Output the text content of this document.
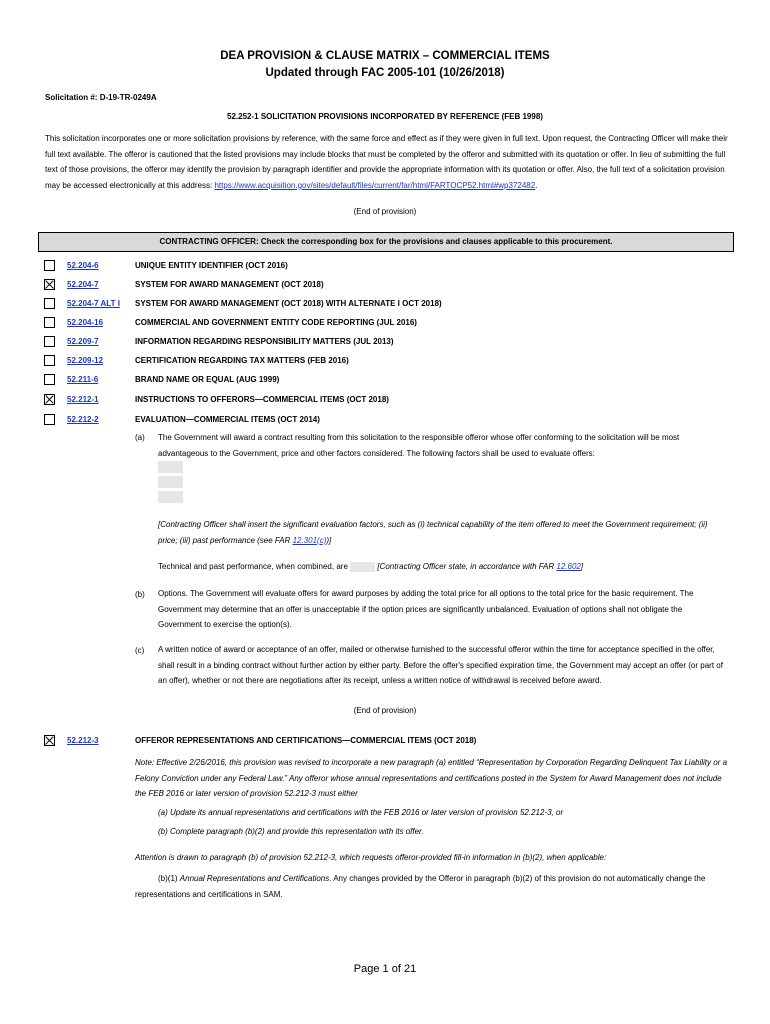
DEA PROVISION & CLAUSE MATRIX – COMMERCIAL ITEMS
Updated through FAC 2005-101 (10/26/2018)
Solicitation #: D-19-TR-0249A
52.252-1 SOLICITATION PROVISIONS INCORPORATED BY REFERENCE (FEB 1998)
This solicitation incorporates one or more solicitation provisions by reference, with the same force and effect as if they were given in full text. Upon request, the Contracting Officer will make their full text available. The offeror is cautioned that the listed provisions may include blocks that must be completed by the offeror and submitted with its quotation or offer. In lieu of submitting the full text of those provisions, the offeror may identify the provision by paragraph identifier and provide the appropriate information with its quotation or offer. Also, the full text of a solicitation provision may be accessed electronically at this address: https://www.acquisition.gov/sites/default/files/current/far/html/FARTOCP52.html#wp372482.
(End of provision)
CONTRACTING OFFICER: Check the corresponding box for the provisions and clauses applicable to this procurement.
52.204-6	UNIQUE ENTITY IDENTIFIER (OCT 2016)
52.204-7	SYSTEM FOR AWARD MANAGEMENT (OCT 2018)
52.204-7 ALT I SYSTEM FOR AWARD MANAGEMENT (OCT 2018) WITH ALTERNATE I OCT 2018)
52.204-16	COMMERCIAL AND GOVERNMENT ENTITY CODE REPORTING (JUL 2016)
52.209-7	INFORMATION REGARDING RESPONSIBILITY MATTERS (JUL 2013)
52.209-12	CERTIFICATION REGARDING TAX MATTERS (FEB 2016)
52.211-6	BRAND NAME OR EQUAL (AUG 1999)
52.212-1	INSTRUCTIONS TO OFFERORS—COMMERCIAL ITEMS (OCT 2018)
52.212-2	EVALUATION—COMMERCIAL ITEMS (OCT 2014)
(a) The Government will award a contract resulting from this solicitation to the responsible offeror whose offer conforming to the solicitation will be most advantageous to the Government, price and other factors considered. The following factors shall be used to evaluate offers:
[Contracting Officer shall insert the significant evaluation factors, such as (i) technical capability of the item offered to meet the Government requirement; (ii) price; (iii) past performance (see FAR 12.301(c))]
Technical and past performance, when combined, are	[Contracting Officer state, in accordance with FAR 12.602]
(b) Options. The Government will evaluate offers for award purposes by adding the total price for all options to the total price for the basic requirement. The Government may determine that an offer is unacceptable if the option prices are significantly unbalanced. Evaluation of options shall not obligate the Government to exercise the option(s).
(c) A written notice of award or acceptance of an offer, mailed or otherwise furnished to the successful offeror within the time for acceptance specified in the offer, shall result in a binding contract without further action by either party. Before the offer's specified expiration time, the Government may accept an offer (or part of an offer), whether or not there are negotiations after its receipt, unless a written notice of withdrawal is received before award.
(End of provision)
52.212-3	OFFEROR REPRESENTATIONS AND CERTIFICATIONS—COMMERCIAL ITEMS (OCT 2018)
Note: Effective 2/26/2016, this provision was revised to incorporate a new paragraph (a) entitled “Representation by Corporation Regarding Delinquent Tax Liability or a Felony Conviction under any Federal Law.” Any offeror whose annual representations and certifications posted in the System for Award Management does not include the FEB 2016 or later version of provision 52.212-3 must either
(a) Update its annual representations and certifications with the FEB 2016 or later version of provision 52.212-3, or
(b) Complete paragraph (b)(2) and provide this representation with its offer.
Attention is drawn to paragraph (b) of provision 52.212-3, which requests offeror-provided fill-in information in (b)(2), when applicable:
(b)(1) Annual Representations and Certifications. Any changes provided by the Offeror in paragraph (b)(2) of this provision do not automatically change the representations and certifications in SAM.
Page 1 of 21
